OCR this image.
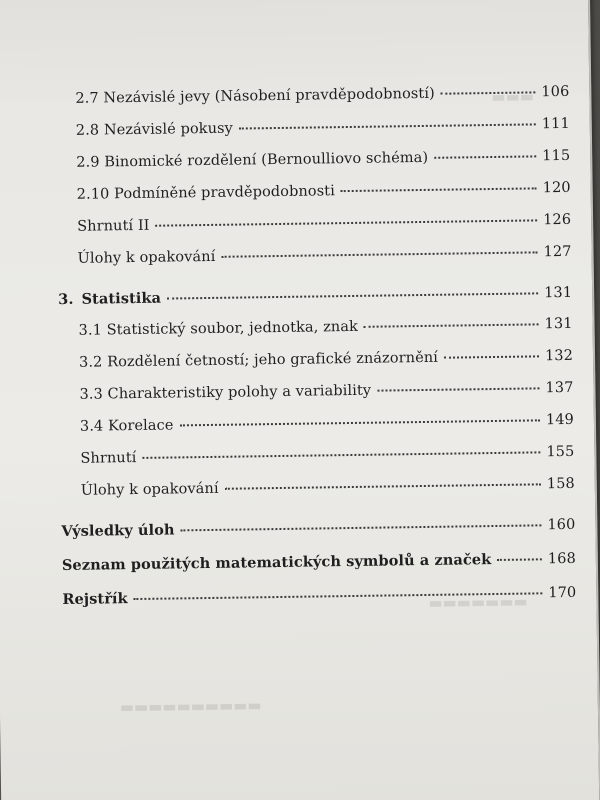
▬▬▬
▬▬▬▬▬▬▬
▬▬▬▬▬▬▬▬▬▬
2.7 Nezávislé jevy (Násobení pravděpodobností)	106
2.8 Nezávislé pokusy	111
2.9 Binomické rozdělení (Bernoulliovo schéma)	115
2.10 Podmíněné pravděpodobnosti	120
Shrnutí II	126
Úlohy k opakování	127
3. Statistika	131
3.1 Statistický soubor, jednotka, znak	131
3.2 Rozdělení četností; jeho grafické znázornění	132
3.3 Charakteristiky polohy a variability	137
3.4 Korelace	149
Shrnutí	155
Úlohy k opakování	158
Výsledky úloh	160
Seznam použitých matematických symbolů a značek	168
Rejstřík	170
